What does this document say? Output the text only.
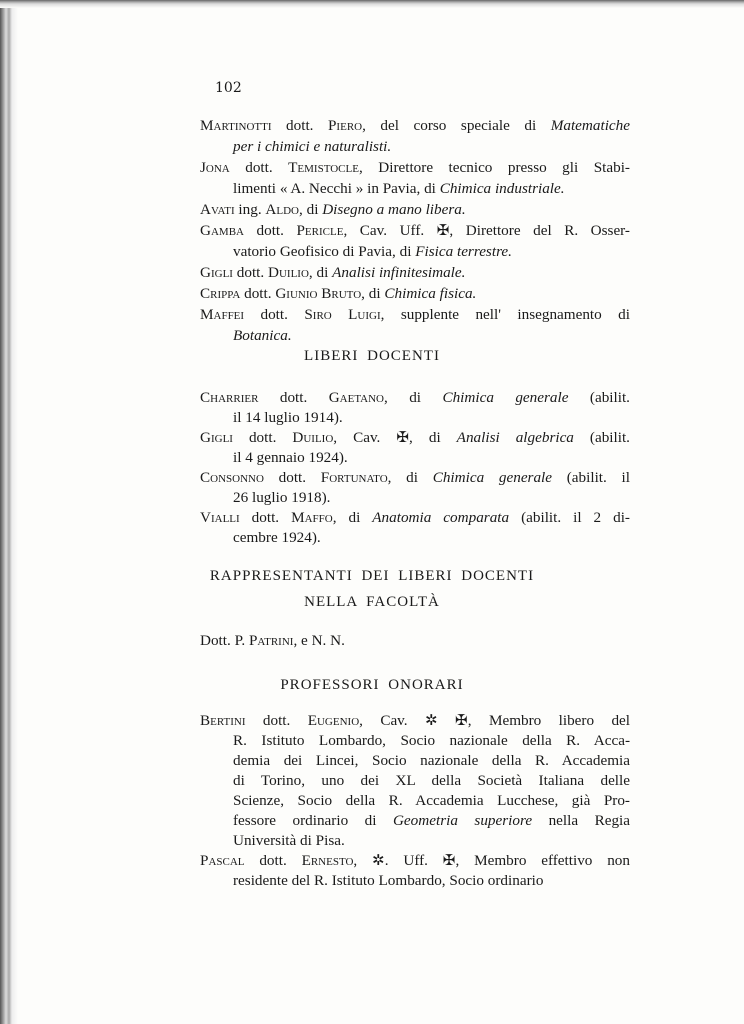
102
Martinotti dott. Piero, del corso speciale di Matematiche
per i chimici e naturalisti.
Jona dott. Temistocle, Direttore tecnico presso gli Stabi-
limenti « A. Necchi » in Pavia, di Chimica industriale.
Avati ing. Aldo, di Disegno a mano libera.
Gamba dott. Pericle, Cav. Uff. ✠, Direttore del R. Osser-
vatorio Geofisico di Pavia, di Fisica terrestre.
Gigli dott. Duilio, di Analisi infinitesimale.
Crippa dott. Giunio Bruto, di Chimica fisica.
Maffei dott. Siro Luigi, supplente nell' insegnamento di
Botanica.
LIBERI DOCENTI
Charrier dott. Gaetano, di Chimica generale (abilit.
il 14 luglio 1914).
Gigli dott. Duilio, Cav. ✠, di Analisi algebrica (abilit.
il 4 gennaio 1924).
Consonno dott. Fortunato, di Chimica generale (abilit. il
26 luglio 1918).
Vialli dott. Maffo, di Anatomia comparata (abilit. il 2 di-
cembre 1924).
RAPPRESENTANTI DEI LIBERI DOCENTI
NELLA FACOLTÀ
Dott. P. Patrini, e N. N.
PROFESSORI ONORARI
Bertini dott. Eugenio, Cav. ✲ ✠, Membro libero del
R. Istituto Lombardo, Socio nazionale della R. Acca-
demia dei Lincei, Socio nazionale della R. Accademia
di Torino, uno dei XL della Società Italiana delle
Scienze, Socio della R. Accademia Lucchese, già Pro-
fessore ordinario di Geometria superiore nella Regia
Università di Pisa.
Pascal dott. Ernesto, ✲. Uff. ✠, Membro effettivo non
residente del R. Istituto Lombardo, Socio ordinario
